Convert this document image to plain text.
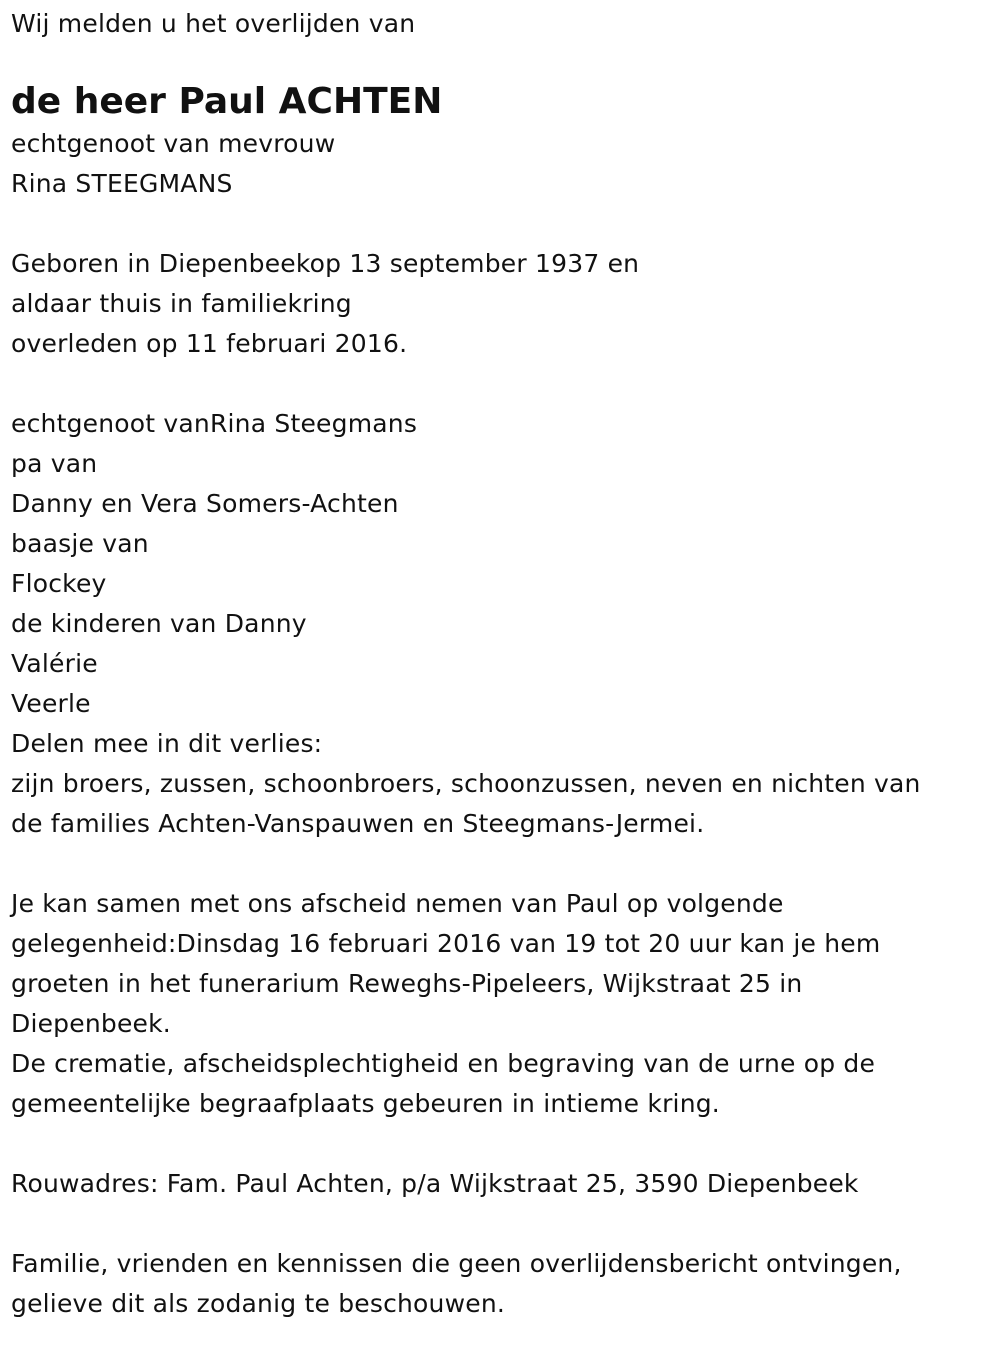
Wij melden u het overlijden van
de heer Paul ACHTEN
echtgenoot van mevrouw
Rina STEEGMANS
Geboren in Diepenbeekop 13 september 1937 en
aldaar thuis in familiekring
overleden op 11 februari 2016.
echtgenoot vanRina Steegmans
pa van
Danny en Vera Somers-Achten
baasje van
Flockey
de kinderen van Danny
Valérie
Veerle
Delen mee in dit verlies:
zijn broers, zussen, schoonbroers, schoonzussen, neven en nichten van
de families Achten-Vanspauwen en Steegmans-Jermei.
Je kan samen met ons afscheid nemen van Paul op volgende
gelegenheid:Dinsdag 16 februari 2016 van 19 tot 20 uur kan je hem
groeten in het funerarium Reweghs-Pipeleers, Wijkstraat 25 in
Diepenbeek.
De crematie, afscheidsplechtigheid en begraving van de urne op de
gemeentelijke begraafplaats gebeuren in intieme kring.
Rouwadres: Fam. Paul Achten, p/a Wijkstraat 25, 3590 Diepenbeek
Familie, vrienden en kennissen die geen overlijdensbericht ontvingen,
gelieve dit als zodanig te beschouwen.
